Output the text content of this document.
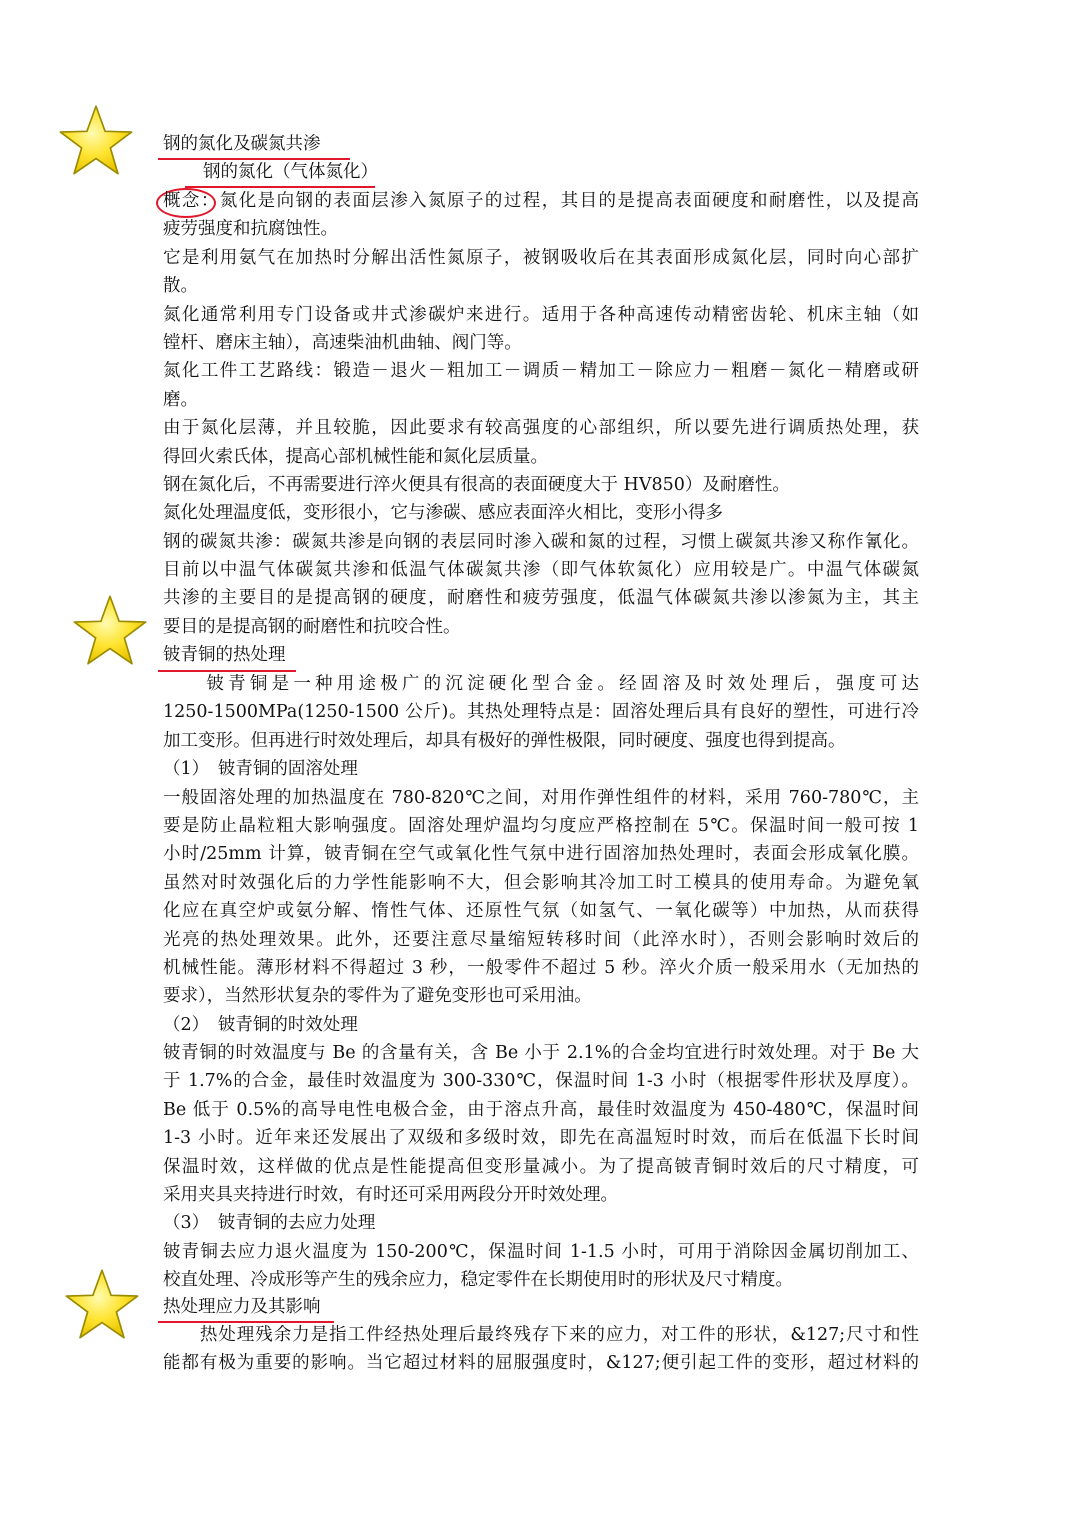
钢的氮化及碳氮共渗
钢的氮化（气体氮化）
概念：氮化是向钢的表面层渗入氮原子的过程，其目的是提高表面硬度和耐磨性，以及提高
疲劳强度和抗腐蚀性。
它是利用氨气在加热时分解出活性氮原子，被钢吸收后在其表面形成氮化层，同时向心部扩
散。
氮化通常利用专门设备或井式渗碳炉来进行。适用于各种高速传动精密齿轮、机床主轴（如
镗杆、磨床主轴），高速柴油机曲轴、阀门等。
氮化工件工艺路线：锻造－退火－粗加工－调质－精加工－除应力－粗磨－氮化－精磨或研
磨。
由于氮化层薄，并且较脆，因此要求有较高强度的心部组织，所以要先进行调质热处理，获
得回火索氏体，提高心部机械性能和氮化层质量。
钢在氮化后，不再需要进行淬火便具有很高的表面硬度大于 HV850）及耐磨性。
氮化处理温度低，变形很小，它与渗碳、感应表面淬火相比，变形小得多
钢的碳氮共渗：碳氮共渗是向钢的表层同时渗入碳和氮的过程，习惯上碳氮共渗又称作氰化。
目前以中温气体碳氮共渗和低温气体碳氮共渗（即气体软氮化）应用较是广。中温气体碳氮
共渗的主要目的是提高钢的硬度，耐磨性和疲劳强度，低温气体碳氮共渗以渗氮为主，其主
要目的是提高钢的耐磨性和抗咬合性。
铍青铜的热处理
　　铍青铜是一种用途极广的沉淀硬化型合金。经固溶及时效处理后，强度可达
1250-1500MPa(1250-1500 公斤)。其热处理特点是：固溶处理后具有良好的塑性，可进行冷
加工变形。但再进行时效处理后，却具有极好的弹性极限，同时硬度、强度也得到提高。
（1）　铍青铜的固溶处理
一般固溶处理的加热温度在 780-820℃之间，对用作弹性组件的材料，采用 760-780℃，主
要是防止晶粒粗大影响强度。固溶处理炉温均匀度应严格控制在 5℃。保温时间一般可按 1
小时/25mm 计算，铍青铜在空气或氧化性气氛中进行固溶加热处理时，表面会形成氧化膜。
虽然对时效强化后的力学性能影响不大，但会影响其冷加工时工模具的使用寿命。为避免氧
化应在真空炉或氨分解、惰性气体、还原性气氛（如氢气、一氧化碳等）中加热，从而获得
光亮的热处理效果。此外，还要注意尽量缩短转移时间（此淬水时），否则会影响时效后的
机械性能。薄形材料不得超过 3 秒，一般零件不超过 5 秒。淬火介质一般采用水（无加热的
要求），当然形状复杂的零件为了避免变形也可采用油。
（2）　铍青铜的时效处理
铍青铜的时效温度与 Be 的含量有关，含 Be 小于 2.1%的合金均宜进行时效处理。对于 Be 大
于 1.7%的合金，最佳时效温度为 300-330℃，保温时间 1-3 小时（根据零件形状及厚度）。
Be 低于 0.5%的高导电性电极合金，由于溶点升高，最佳时效温度为 450-480℃，保温时间
1-3 小时。近年来还发展出了双级和多级时效，即先在高温短时时效，而后在低温下长时间
保温时效，这样做的优点是性能提高但变形量减小。为了提高铍青铜时效后的尺寸精度，可
采用夹具夹持进行时效，有时还可采用两段分开时效处理。
（3）　铍青铜的去应力处理
铍青铜去应力退火温度为 150-200℃，保温时间 1-1.5 小时，可用于消除因金属切削加工、
校直处理、冷成形等产生的残余应力，稳定零件在长期使用时的形状及尺寸精度。
热处理应力及其影响
　　热处理残余力是指工件经热处理后最终残存下来的应力，对工件的形状，&127;尺寸和性
能都有极为重要的影响。当它超过材料的屈服强度时，&127;便引起工件的变形，超过材料的
